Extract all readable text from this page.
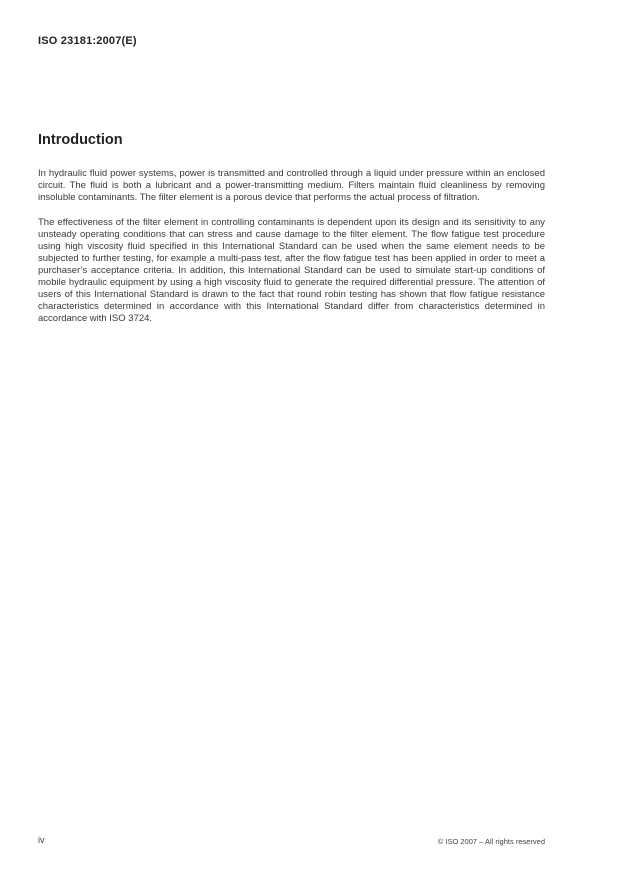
ISO 23181:2007(E)
Introduction

In hydraulic fluid power systems, power is transmitted and controlled through a liquid under pressure within an enclosed circuit. The fluid is both a lubricant and a power-transmitting medium. Filters maintain fluid cleanliness by removing insoluble contaminants. The filter element is a porous device that performs the actual process of filtration.

The effectiveness of the filter element in controlling contaminants is dependent upon its design and its sensitivity to any unsteady operating conditions that can stress and cause damage to the filter element. The flow fatigue test procedure using high viscosity fluid specified in this International Standard can be used when the same element needs to be subjected to further testing, for example a multi-pass test, after the flow fatigue test has been applied in order to meet a purchaser’s acceptance criteria. In addition, this International Standard can be used to simulate start-up conditions of mobile hydraulic equipment by using a high viscosity fluid to generate the required differential pressure. The attention of users of this International Standard is drawn to the fact that round robin testing has shown that flow fatigue resistance characteristics determined in accordance with this International Standard differ from characteristics determined in accordance with ISO 3724.

iv	© ISO 2007 – All rights reserved
